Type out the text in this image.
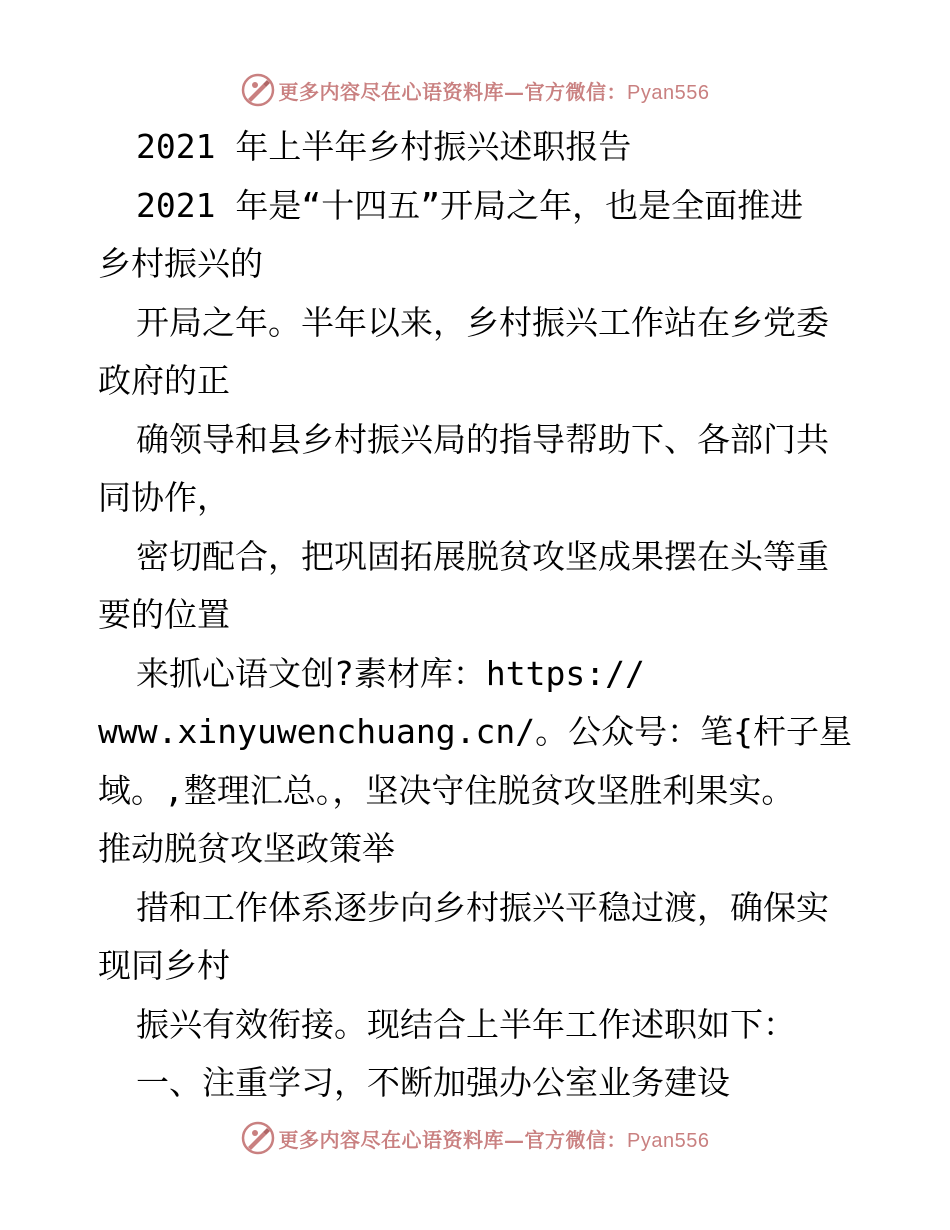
更多内容尽在心语资料库—官方微信：Pyan556
2021 年上半年乡村振兴述职报告
2021 年是“十四五”开局之年，也是全面推进
乡村振兴的
开局之年。半年以来，乡村振兴工作站在乡党委
政府的正
确领导和县乡村振兴局的指导帮助下、各部门共
同协作，
密切配合，把巩固拓展脱贫攻坚成果摆在头等重
要的位置
来抓心语文创?素材库：https://
www.xinyuwenchuang.cn/。公众号：笔{杆子星
域。,整理汇总。，坚决守住脱贫攻坚胜利果实。
推动脱贫攻坚政策举
措和工作体系逐步向乡村振兴平稳过渡，确保实
现同乡村
振兴有效衔接。现结合上半年工作述职如下：
一、注重学习，不断加强办公室业务建设
更多内容尽在心语资料库—官方微信：Pyan556
